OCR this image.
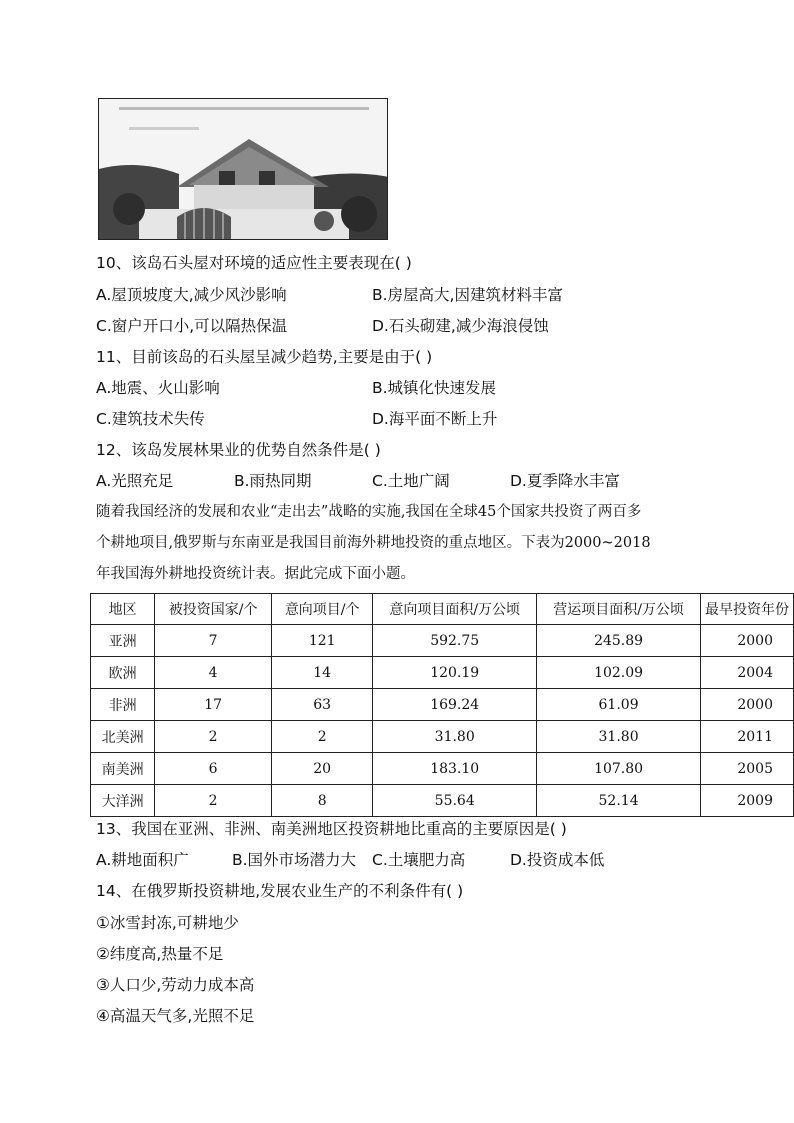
10、该岛石头屋对环境的适应性主要表现在( )
A.屋顶坡度大,减少风沙影响	B.房屋高大,因建筑材料丰富
C.窗户开口小,可以隔热保温	D.石头砌建,减少海浪侵蚀
11、目前该岛的石头屋呈减少趋势,主要是由于( )
A.地震、火山影响	B.城镇化快速发展
C.建筑技术失传	D.海平面不断上升
12、该岛发展林果业的优势自然条件是( )
A.光照充足	B.雨热同期	C.土地广阔	D.夏季降水丰富
随着我国经济的发展和农业“走出去”战略的实施,我国在全球45个国家共投资了两百多
个耕地项目,俄罗斯与东南亚是我国目前海外耕地投资的重点地区。下表为2000~2018
年我国海外耕地投资统计表。据此完成下面小题。
地区	被投资国家/个	意向项目/个	意向项目面积/万公顷	营运项目面积/万公顷	最早投资年份
亚洲	7	121	592.75	245.89	2000
欧洲	4	14	120.19	102.09	2004
非洲	17	63	169.24	61.09	2000
北美洲	2	2	31.80	31.80	2011
南美洲	6	20	183.10	107.80	2005
大洋洲	2	8	55.64	52.14	2009
13、我国在亚洲、非洲、南美洲地区投资耕地比重高的主要原因是( )
A.耕地面积广	B.国外市场潜力大 C.土壤肥力高	D.投资成本低
14、在俄罗斯投资耕地,发展农业生产的不利条件有( )
①冰雪封冻,可耕地少
②纬度高,热量不足
③人口少,劳动力成本高
④高温天气多,光照不足
